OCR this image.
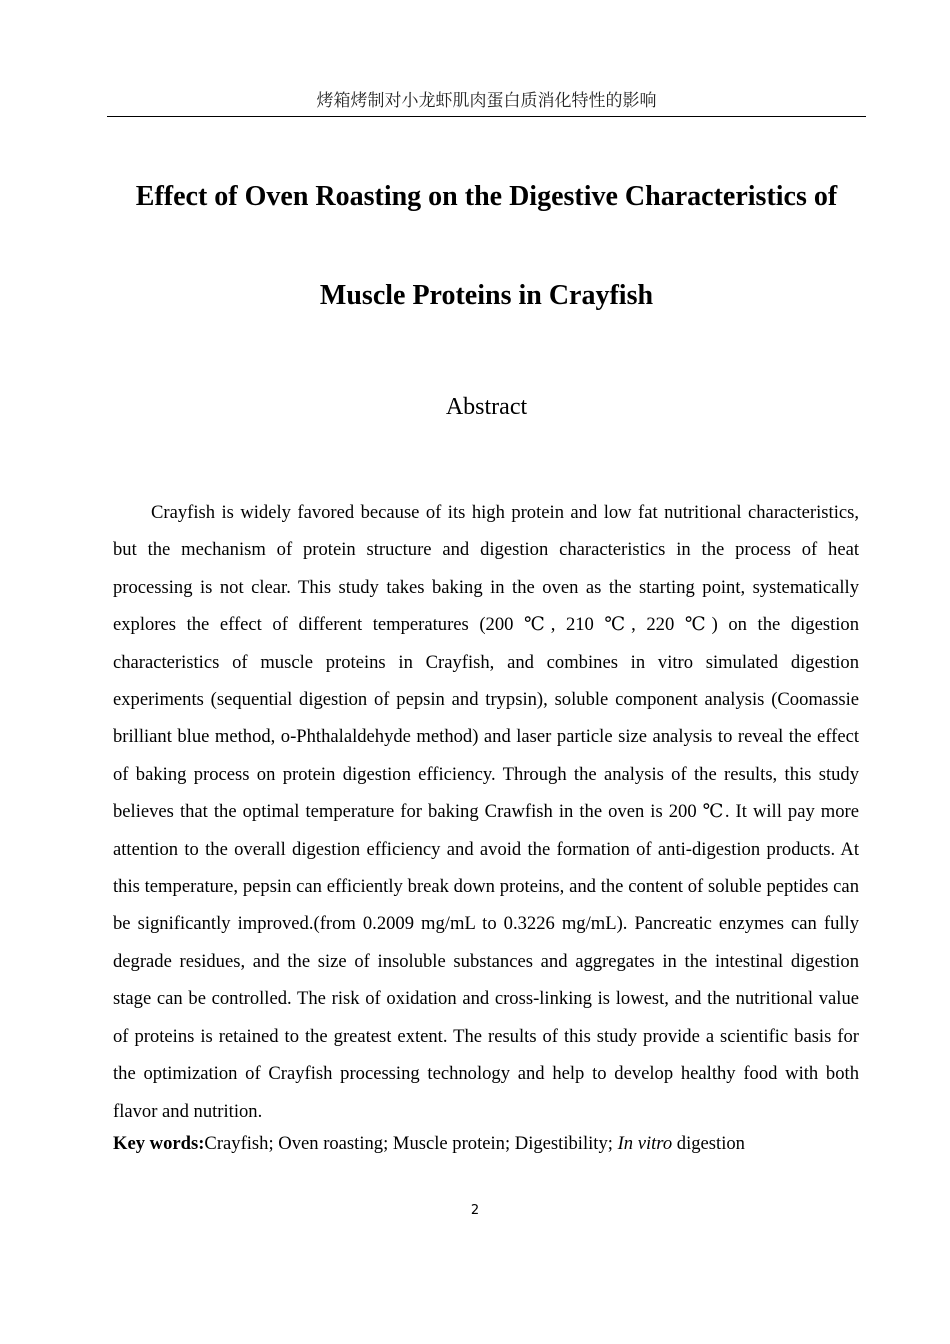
烤箱烤制对小龙虾肌肉蛋白质消化特性的影响
Effect of Oven Roasting on the Digestive Characteristics of
Muscle Proteins in Crayfish
Abstract

Crayfish is widely favored because of its high protein and low fat nutritional characteristics, but the mechanism of protein structure and digestion characteristics in the process of heat processing is not clear. This study takes baking in the oven as the starting point, systematically explores the effect of different temperatures (200 ℃, 210 ℃, 220 ℃) on the digestion characteristics of muscle proteins in Crayfish, and combines in vitro simulated digestion experiments (sequential digestion of pepsin and trypsin), soluble component analysis (Coomassie brilliant blue method, o-Phthalaldehyde method) and laser particle size analysis to reveal the effect of baking process on protein digestion efficiency. Through the analysis of the results, this study believes that the optimal temperature for baking Crawfish in the oven is 200 ℃. It will pay more attention to the overall digestion efficiency and avoid the formation of anti-digestion products. At this temperature, pepsin can efficiently break down proteins, and the content of soluble peptides can be significantly improved.(from 0.2009 mg/mL to 0.3226 mg/mL). Pancreatic enzymes can fully degrade residues, and the size of insoluble substances and aggregates in the intestinal digestion stage can be controlled. The risk of oxidation and cross-linking is lowest, and the nutritional value of proteins is retained to the greatest extent. The results of this study provide a scientific basis for the optimization of Crayfish processing technology and help to develop healthy food with both flavor and nutrition.

Key words:Crayfish; Oven roasting; Muscle protein; Digestibility; In vitro digestion

2
